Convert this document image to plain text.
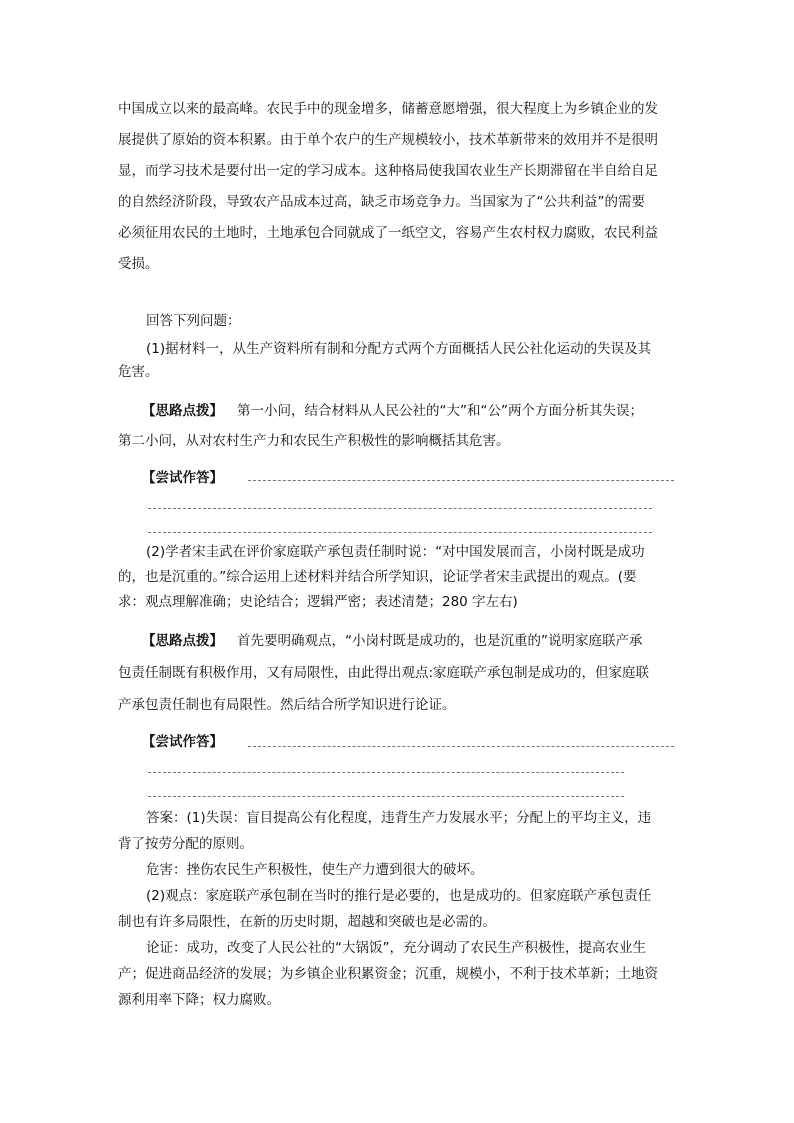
中国成立以来的最高峰。农民手中的现金增多，储蓄意愿增强，很大程度上为乡镇企业的发
展提供了原始的资本积累。由于单个农户的生产规模较小，技术革新带来的效用并不是很明
显，而学习技术是要付出一定的学习成本。这种格局使我国农业生产长期滞留在半自给自足
的自然经济阶段，导致农产品成本过高，缺乏市场竞争力。当国家为了“公共利益”的需要
必须征用农民的土地时，土地承包合同就成了一纸空文，容易产生农村权力腐败，农民利益
受损。
回答下列问题：
(1)据材料一，从生产资料所有制和分配方式两个方面概括人民公社化运动的失误及其
危害。
【思路点拨】 第一小问，结合材料从人民公社的“大”和“公”两个方面分析其失误；
第二小问，从对农村生产力和农民生产积极性的影响概括其危害。
【尝试作答】
(2)学者宋圭武在评价家庭联产承包责任制时说：“对中国发展而言，小岗村既是成功
的，也是沉重的。”综合运用上述材料并结合所学知识，论证学者宋圭武提出的观点。(要
求：观点理解准确；史论结合；逻辑严密；表述清楚；280 字左右)
【思路点拨】 首先要明确观点，“小岗村既是成功的，也是沉重的”说明家庭联产承
包责任制既有积极作用，又有局限性，由此得出观点:家庭联产承包制是成功的，但家庭联
产承包责任制也有局限性。然后结合所学知识进行论证。
【尝试作答】
答案：(1)失误：盲目提高公有化程度，违背生产力发展水平；分配上的平均主义，违
背了按劳分配的原则。
危害：挫伤农民生产积极性，使生产力遭到很大的破坏。
(2)观点：家庭联产承包制在当时的推行是必要的，也是成功的。但家庭联产承包责任
制也有许多局限性，在新的历史时期，超越和突破也是必需的。
论证：成功，改变了人民公社的“大锅饭”，充分调动了农民生产积极性，提高农业生
产；促进商品经济的发展；为乡镇企业积累资金；沉重，规模小，不利于技术革新；土地资
源利用率下降；权力腐败。
